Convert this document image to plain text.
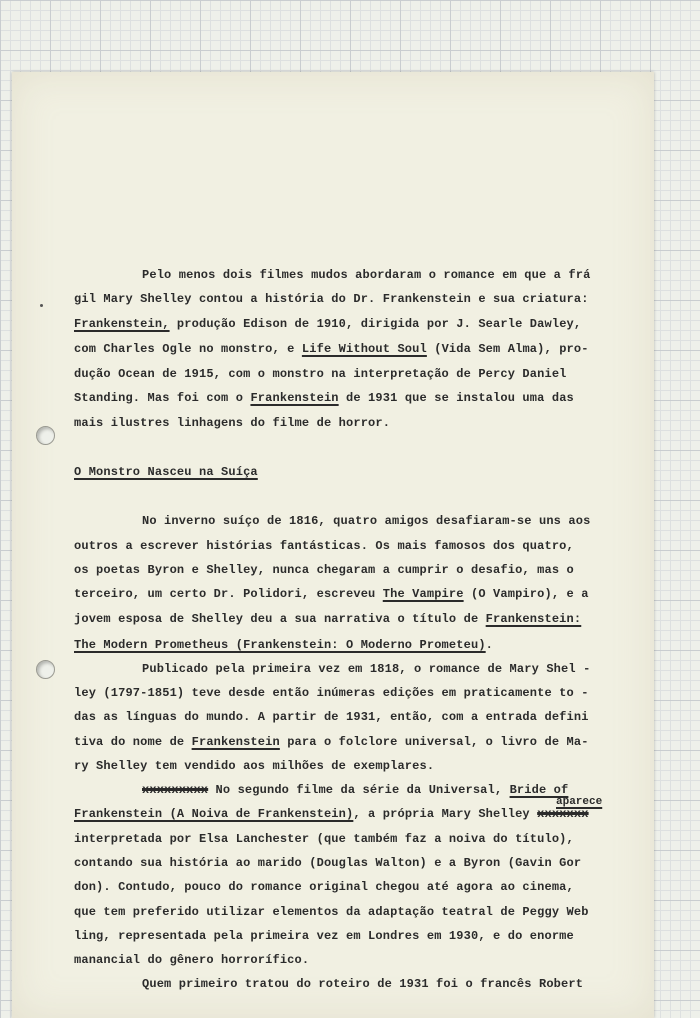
Pelo menos dois filmes mudos abordaram o romance em que a frá
gil Mary Shelley contou a história do Dr. Frankenstein e sua criatura:
Frankenstein, produção Edison de 1910, dirigida por J. Searle Dawley,
com Charles Ogle no monstro, e Life Without Soul (Vida Sem Alma), pro-
dução Ocean de 1915, com o monstro na interpretação de Percy Daniel
Standing. Mas foi com o Frankenstein de 1931 que se instalou uma das
mais ilustres linhagens do filme de horror.
O Monstro Nasceu na Suíça
No inverno suíço de 1816, quatro amigos desafiaram-se uns aos
outros a escrever histórias fantásticas. Os mais famosos dos quatro,
os poetas Byron e Shelley, nunca chegaram a cumprir o desafio, mas o
terceiro, um certo Dr. Polidori, escreveu The Vampire (O Vampiro), e a
jovem esposa de Shelley deu a sua narrativa o título de Frankenstein:
The Modern Prometheus (Frankenstein: O Moderno Prometeu).
Publicado pela primeira vez em 1818, o romance de Mary Shel -
ley (1797-1851) teve desde então inúmeras edições em praticamente to -
das as línguas do mundo. A partir de 1931, então, com a entrada defini
tiva do nome de Frankenstein para o folclore universal, o livro de Ma-
ry Shelley tem vendido aos milhões de exemplares.
xxxxxxxxx No segundo filme da série da Universal, Bride of
aparece
Frankenstein (A Noiva de Frankenstein), a própria Mary Shelley xxxxxxx
interpretada por Elsa Lanchester (que também faz a noiva do título),
contando sua história ao marido (Douglas Walton) e a Byron (Gavin Gor
don). Contudo, pouco do romance original chegou até agora ao cinema,
que tem preferido utilizar elementos da adaptação teatral de Peggy Web
ling, representada pela primeira vez em Londres em 1930, e do enorme
manancial do gênero horrorífico.
Quem primeiro tratou do roteiro de 1931 foi o francês Robert
